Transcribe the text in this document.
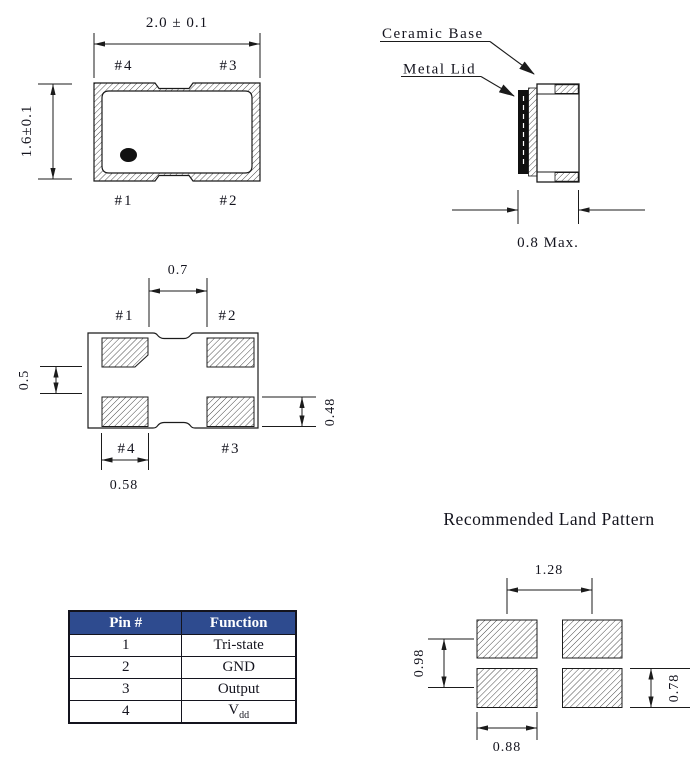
2.0 ± 0.1
1.6±0.1
#4	#3
#1	#2
Ceramic Base
Metal Lid
0.8 Max.
0.7
#1	#2
0.5
0.48
#4	#3
0.58
Recommended Land Pattern
1.28
0.98
0.78
0.88
Pin #	Function
1	Tri-state
2	GND
3	Output
4	$V_{dd}$
